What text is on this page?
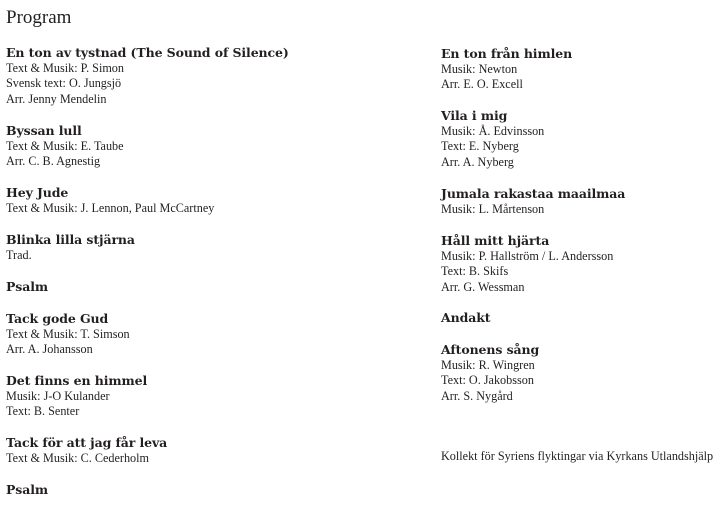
Program
En ton av tystnad (The Sound of Silence)
Text & Musik: P. Simon
Svensk text: O. Jungsjö
Arr. Jenny Mendelin
Byssan lull
Text & Musik: E. Taube
Arr. C. B. Agnestig
Hey Jude
Text & Musik: J. Lennon, Paul McCartney
Blinka lilla stjärna
Trad.
Psalm
Tack gode Gud
Text & Musik: T. Simson
Arr. A. Johansson
Det finns en himmel
Musik: J-O Kulander
Text: B. Senter
Tack för att jag får leva
Text & Musik: C. Cederholm
Psalm
En ton från himlen
Musik: Newton
Arr. E. O. Excell
Vila i mig
Musik: Å. Edvinsson
Text: E. Nyberg
Arr. A. Nyberg
Jumala rakastaa maailmaa
Musik: L. Mårtenson
Håll mitt hjärta
Musik: P. Hallström / L. Andersson
Text: B. Skifs
Arr. G. Wessman
Andakt
Aftonens sång
Musik: R. Wingren
Text: O. Jakobsson
Arr. S. Nygård
Kollekt för Syriens flyktingar via Kyrkans Utlandshjälp
